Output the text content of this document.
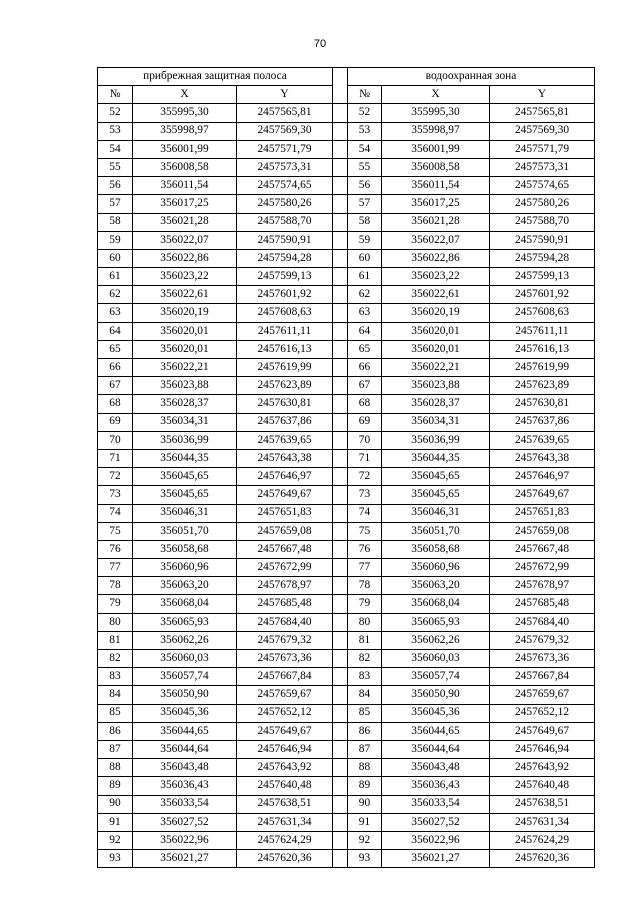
70
прибрежная защитная полоса				водоохранная зона		
№	X	Y		№	X	Y
52	355995,30	2457565,81		52	355995,30	2457565,81
53	355998,97	2457569,30		53	355998,97	2457569,30
54	356001,99	2457571,79		54	356001,99	2457571,79
55	356008,58	2457573,31		55	356008,58	2457573,31
56	356011,54	2457574,65		56	356011,54	2457574,65
57	356017,25	2457580,26		57	356017,25	2457580,26
58	356021,28	2457588,70		58	356021,28	2457588,70
59	356022,07	2457590,91		59	356022,07	2457590,91
60	356022,86	2457594,28		60	356022,86	2457594,28
61	356023,22	2457599,13		61	356023,22	2457599,13
62	356022,61	2457601,92		62	356022,61	2457601,92
63	356020,19	2457608,63		63	356020,19	2457608,63
64	356020,01	2457611,11		64	356020,01	2457611,11
65	356020,01	2457616,13		65	356020,01	2457616,13
66	356022,21	2457619,99		66	356022,21	2457619,99
67	356023,88	2457623,89		67	356023,88	2457623,89
68	356028,37	2457630,81		68	356028,37	2457630,81
69	356034,31	2457637,86		69	356034,31	2457637,86
70	356036,99	2457639,65		70	356036,99	2457639,65
71	356044,35	2457643,38		71	356044,35	2457643,38
72	356045,65	2457646,97		72	356045,65	2457646,97
73	356045,65	2457649,67		73	356045,65	2457649,67
74	356046,31	2457651,83		74	356046,31	2457651,83
75	356051,70	2457659,08		75	356051,70	2457659,08
76	356058,68	2457667,48		76	356058,68	2457667,48
77	356060,96	2457672,99		77	356060,96	2457672,99
78	356063,20	2457678,97		78	356063,20	2457678,97
79	356068,04	2457685,48		79	356068,04	2457685,48
80	356065,93	2457684,40		80	356065,93	2457684,40
81	356062,26	2457679,32		81	356062,26	2457679,32
82	356060,03	2457673,36		82	356060,03	2457673,36
83	356057,74	2457667,84		83	356057,74	2457667,84
84	356050,90	2457659,67		84	356050,90	2457659,67
85	356045,36	2457652,12		85	356045,36	2457652,12
86	356044,65	2457649,67		86	356044,65	2457649,67
87	356044,64	2457646,94		87	356044,64	2457646,94
88	356043,48	2457643,92		88	356043,48	2457643,92
89	356036,43	2457640,48		89	356036,43	2457640,48
90	356033,54	2457638,51		90	356033,54	2457638,51
91	356027,52	2457631,34		91	356027,52	2457631,34
92	356022,96	2457624,29		92	356022,96	2457624,29
93	356021,27	2457620,36		93	356021,27	2457620,36
